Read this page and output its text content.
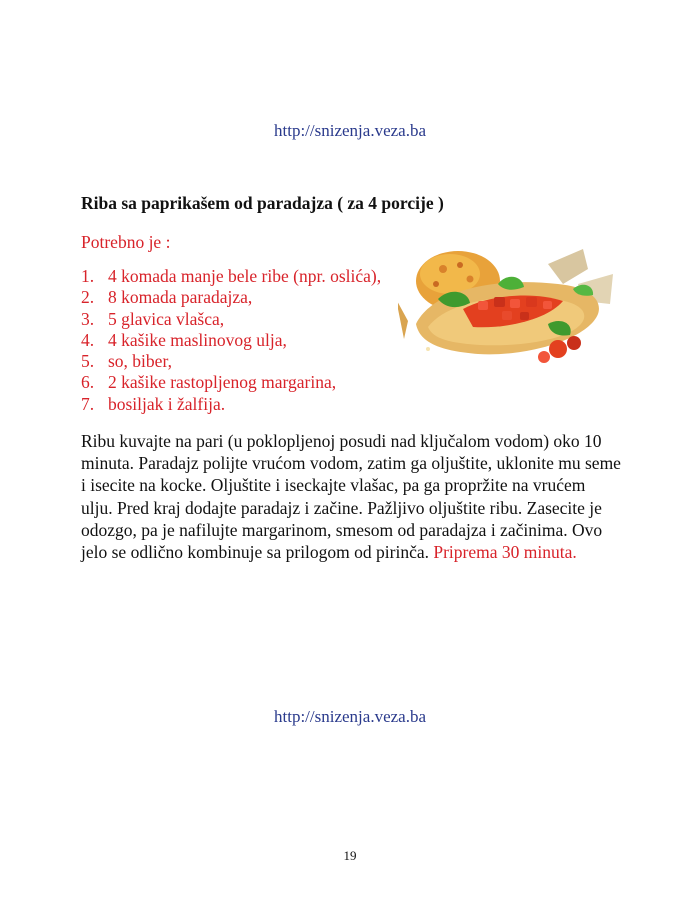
http://snizenja.veza.ba
Riba sa paprikašem od paradajza ( za 4 porcije )
Potrebno je :
1. 4 komada manje bele ribe (npr. oslića),
2. 8 komada paradajza,
3. 5 glavica vlašca,
4. 4 kašike maslinovog ulja,
5. so, biber,
6. 2 kašike rastopljenog margarina,
7. bosiljak i žalfija.

Ribu kuvajte na pari (u poklopljenoj posudi nad ključalom vodom) oko 10 minuta. Paradajz polijte vrućom vodom, zatim ga oljuštite, uklonite mu seme i isecite na kocke. Oljuštite i iseckajte vlašac, pa ga propržite na vrućem ulju. Pred kraj dodajte paradajz i začine. Pažljivo oljuštite ribu. Zasecite je odozgo, pa je nafilujte margarinom, smesom od paradajza i začinima. Ovo jelo se odlično kombinuje sa prilogom od pirinča. Priprema 30 minuta.

http://snizenja.veza.ba
19
